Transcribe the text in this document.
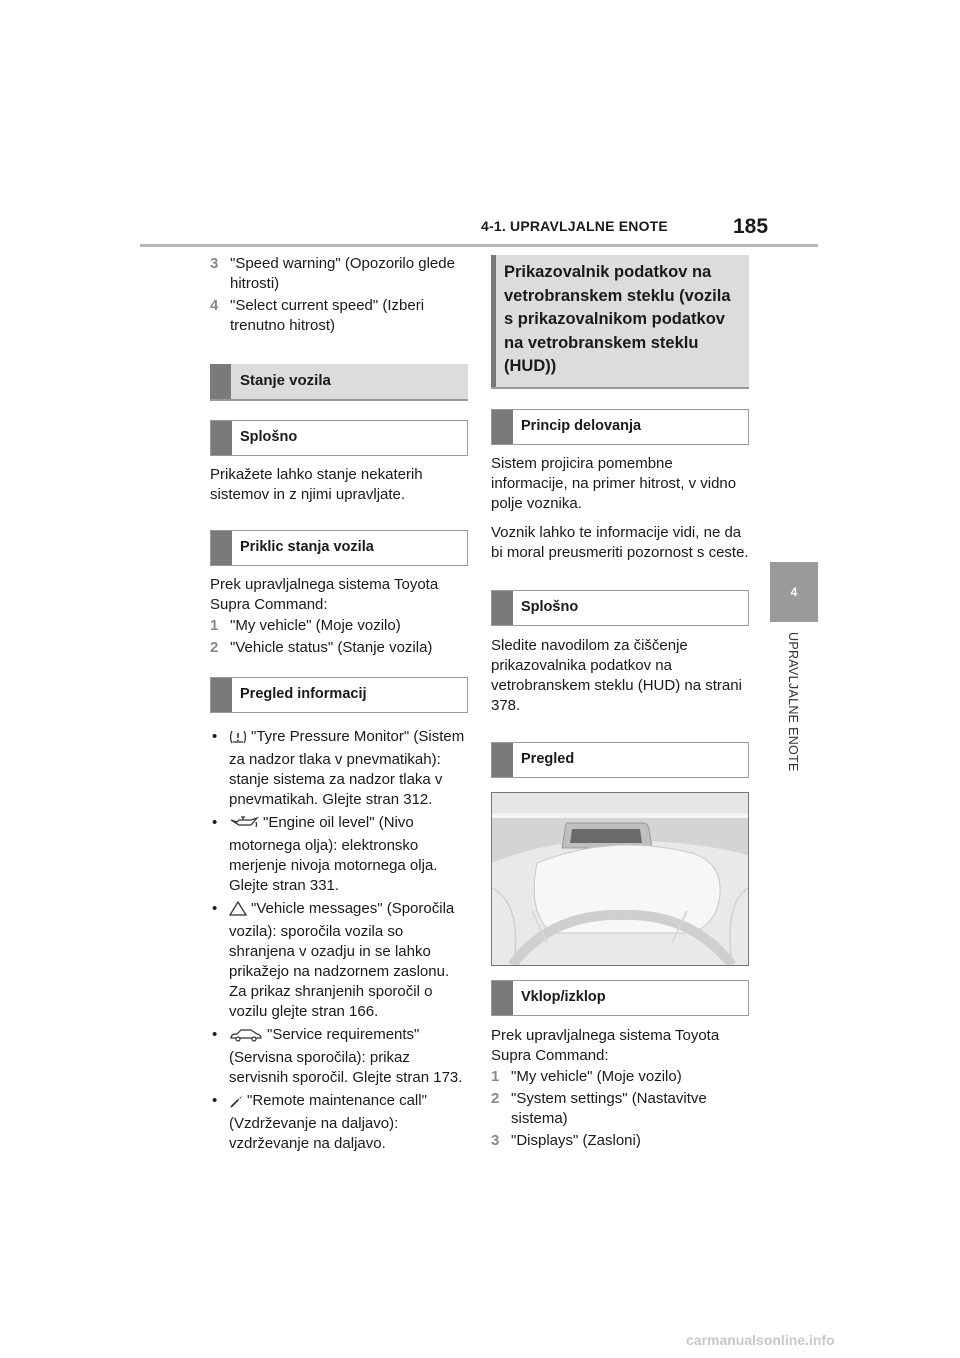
4-1. UPRAVLJALNE ENOTE	185
4
UPRAVLJALNE ENOTE
3 "Speed warning" (Opozorilo glede hitrosti)
4 "Select current speed" (Izberi trenutno hitrost)
Stanje vozila
Splošno

Prikažete lahko stanje nekaterih sistemov in z njimi upravljate.

Priklic stanja vozila

Prek upravljalnega sistema Toyota Supra Command:

1 "My vehicle" (Moje vozilo)
2 "Vehicle status" (Stanje vozila)
Pregled informacij
• "Tyre Pressure Monitor" (Sistem za nadzor tlaka v pnevmatikah): stanje sistema za nadzor tlaka v pnevmatikah. Glejte stran 312.
•	"Engine oil level" (Nivo motornega olja): elektronsko merjenje nivoja motornega olja. Glejte stran 331.
• "Vehicle messages" (Sporočila vozila): sporočila vozila so shranjena v ozadju in se lahko prikažejo na nadzornem zaslonu. Za prikaz shranjenih sporočil o vozilu glejte stran 166.
•	"Service requirements" (Servisna sporočila): prikaz servisnih sporočil. Glejte stran 173.
• "Remote maintenance call" (Vzdrževanje na daljavo): vzdrževanje na daljavo.
Prikazovalnik podatkov na vetrobranskem steklu (vozila s prikazovalnikom podatkov na vetrobranskem steklu (HUD))
Princip delovanja

Sistem projicira pomembne informacije, na primer hitrost, v vidno polje voznika.

Voznik lahko te informacije vidi, ne da bi moral preusmeriti pozornost s ceste.

Splošno

Sledite navodilom za čiščenje prikazovalnika podatkov na vetrobranskem steklu (HUD) na strani 378.

Pregled
Vklop/izklop

Prek upravljalnega sistema Toyota Supra Command:

1 "My vehicle" (Moje vozilo)
2 "System settings" (Nastavitve sistema)
3 "Displays" (Zasloni)
carmanualsonline.info
